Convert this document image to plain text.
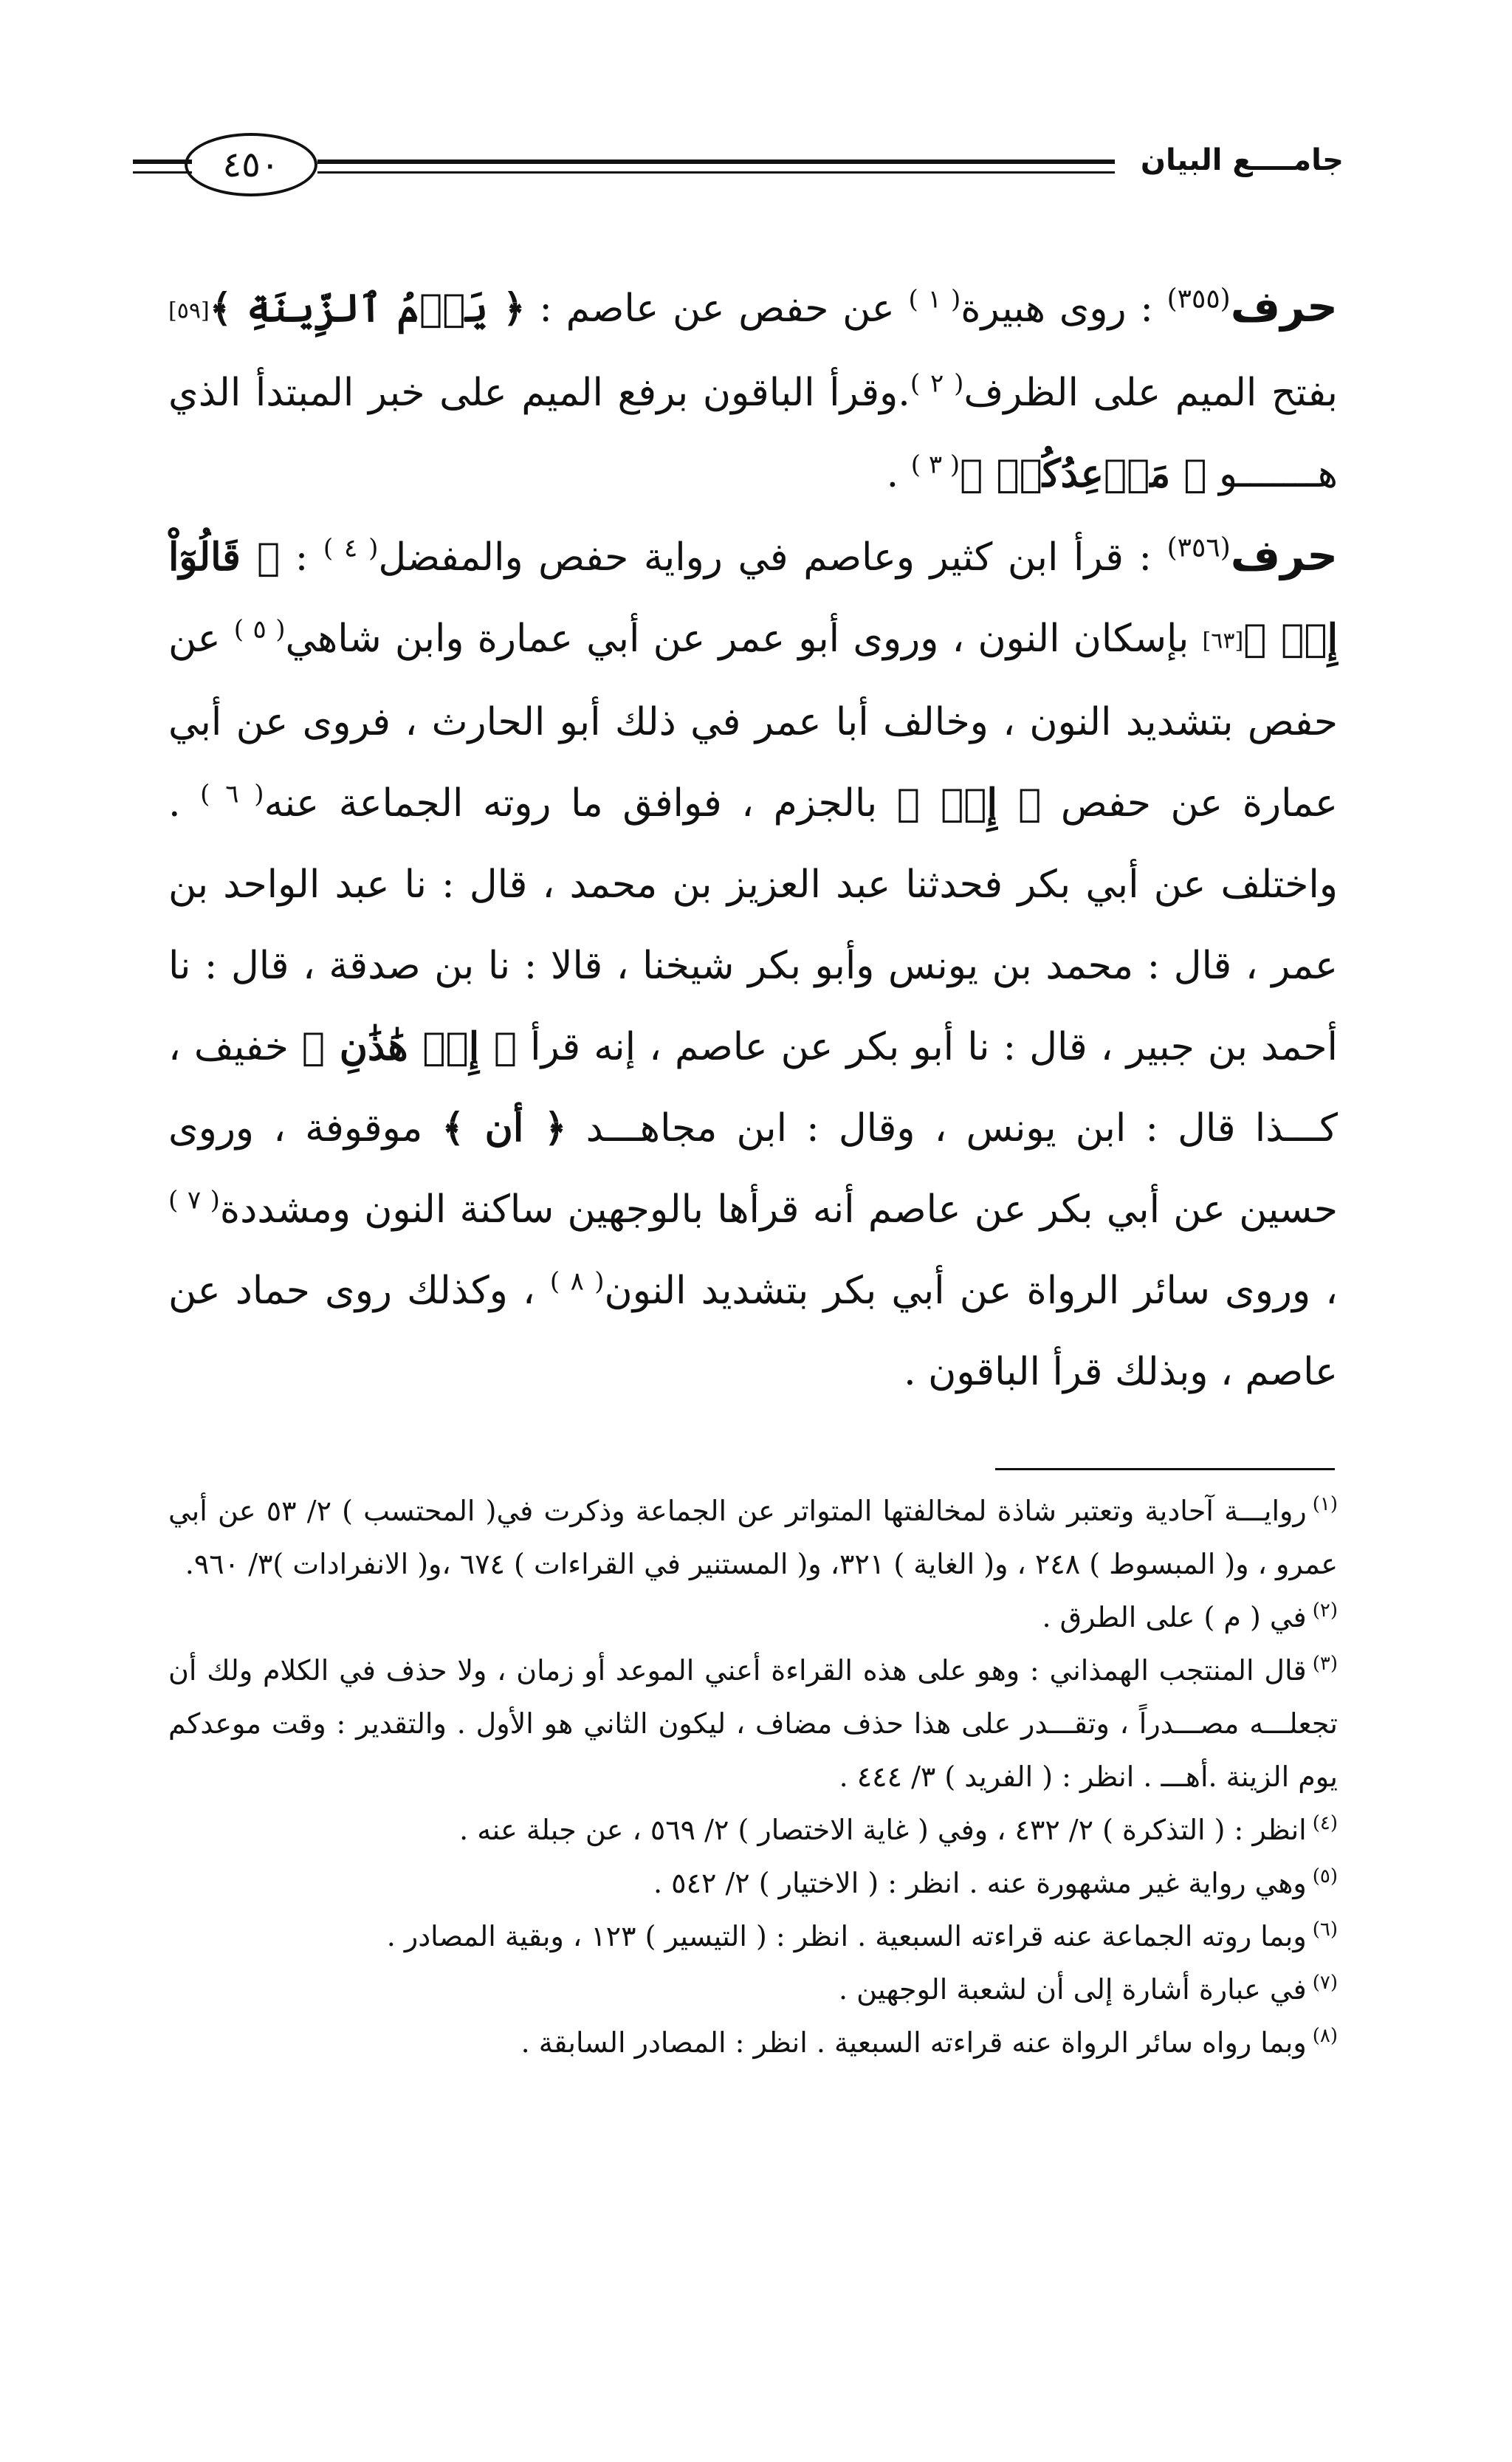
٤٥٠	جامــــع البيان

حرف$^{(٣٥٥)}$ : روى هبيرة$^{( ١ )}$ عن حفص عن عاصم : ﴿ يَوۡمُ ٱلزِّينَةِ ﴾[٥٩] بفتح الميم على الظرف$^{( ٢ )}$.وقرأ الباقون برفع الميم على خبر المبتدأ الذي هـــــــو ﴿ مَوۡعِدُكُمۡ ﴾$^{( ٣ )}$ .

حرف$^{(٣٥٦)}$ : قرأ ابن كثير وعاصم في رواية حفص والمفضل$^{( ٤ )}$ : ﴿ قَالُوٓاْ إِنۡ ﴾[٦٣] بإسكان النون ، وروى أبو عمر عن أبي عمارة وابن شاهي$^{( ٥ )}$ عن حفص بتشديد النون ، وخالف أبا عمر في ذلك أبو الحارث ، فروى عن أبي عمارة عن حفص ﴿ إِنۡ ﴾ بالجزم ، فوافق ما روته الجماعة عنه$^{( ٦ )}$ . واختلف عن أبي بكر فحدثنا عبد العزيز بن محمد ، قال : نا عبد الواحد بن عمر ، قال : محمد بن يونس وأبو بكر شيخنا ، قالا : نا بن صدقة ، قال : نا أحمد بن جبير ، قال : نا أبو بكر عن عاصم ، إنه قرأ ﴿ إِنۡ هَٰذَٰنِ ﴾ خفيف ، كـــذا قال : ابن يونس ، وقال : ابن مجاهـــد ﴿ أن ﴾ موقوفة ، وروى حسين عن أبي بكر عن عاصم أنه قرأها بالوجهين ساكنة النون ومشددة$^{( ٧ )}$ ، وروى سائر الرواة عن أبي بكر بتشديد النون$^{( ٨ )}$ ، وكذلك روى حماد عن عاصم ، وبذلك قرأ الباقون .

$^{(١)}$روايـــة آحادية وتعتبر شاذة لمخالفتها المتواتر عن الجماعة وذكرت في( المحتسب ) ٢/ ٥٣ عن أبي عمرو ، و( المبسوط ) ٢٤٨ ، و( الغاية ) ٣٢١، و( المستنير في القراءات ) ٦٧٤ ،و( الانفرادات )٣/ ٩٦٠.

$^{(٢)}$في ( م ) على الطرق .

$^{(٣)}$قال المنتجب الهمذاني : وهو على هذه القراءة أعني الموعد أو زمان ، ولا حذف في الكلام ولك أن تجعلـــه مصـــدراً ، وتقـــدر على هذا حذف مضاف ، ليكون الثاني هو الأول . والتقدير : وقت موعدكم يوم الزينة .أهـــ . انظر : ( الفريد ) ٣/ ٤٤٤ .

$^{(٤)}$انظر : ( التذكرة ) ٢/ ٤٣٢ ، وفي ( غاية الاختصار ) ٢/ ٥٦٩ ، عن جبلة عنه .

$^{(٥)}$وهي رواية غير مشهورة عنه . انظر : ( الاختيار ) ٢/ ٥٤٢ .

$^{(٦)}$وبما روته الجماعة عنه قراءته السبعية . انظر : ( التيسير ) ١٢٣ ، وبقية المصادر .

$^{(٧)}$في عبارة أشارة إلى أن لشعبة الوجهين .

$^{(٨)}$وبما رواه سائر الرواة عنه قراءته السبعية . انظر : المصادر السابقة .
